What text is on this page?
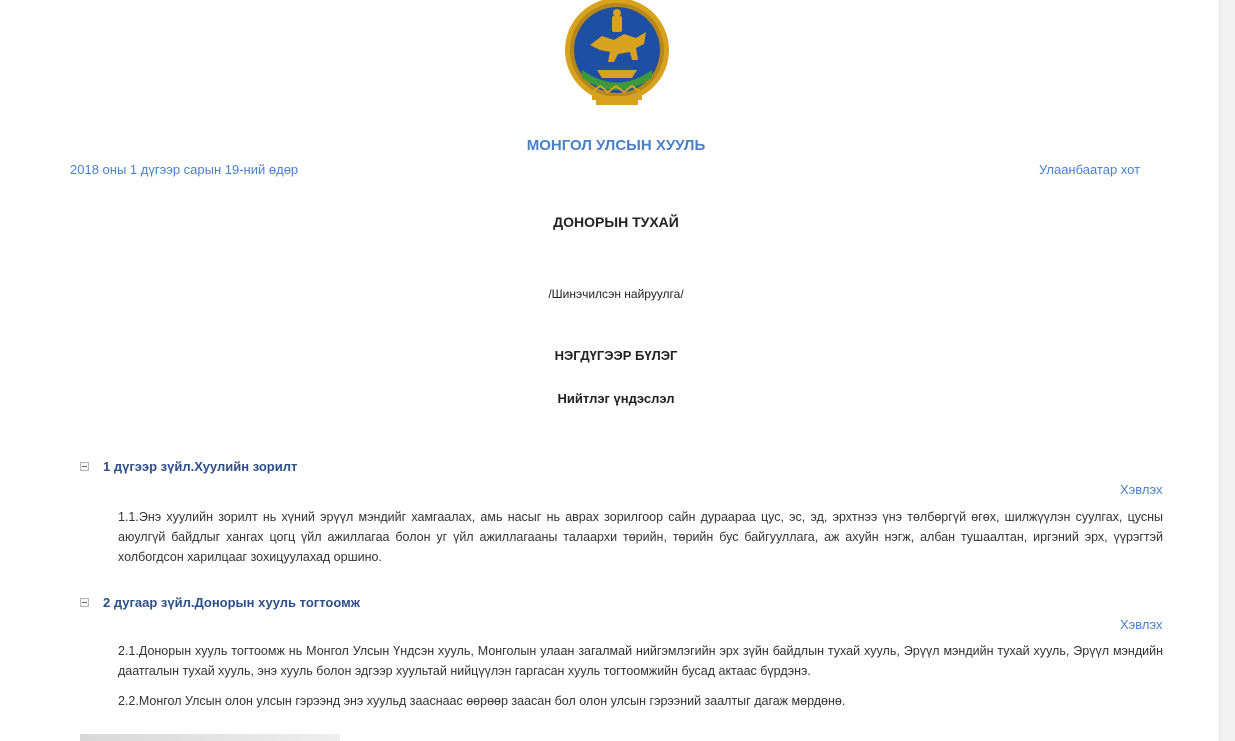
МОНГОЛ УЛСЫН ХУУЛЬ
2018 оны 1 дүгээр сарын 19-ний өдөр	Улаанбаатар хот
ДОНОРЫН ТУХАЙ
/Шинэчилсэн найруулга/
НЭГДҮГЭЭР БҮЛЭГ
Нийтлэг үндэслэл
1 дүгээр зүйл.Хуулийн зорилт
Хэвлэх
1.1.Энэ хуулийн зорилт нь хүний эрүүл мэндийг хамгаалах, амь насыг нь аврах зорилгоор сайн дураараа цус, эс, эд, эрхтнээ үнэ төлбөргүй өгөх, шилжүүлэн суулгах, цусны аюулгүй байдлыг хангах цогц үйл ажиллагаа болон уг үйл ажиллагааны талаархи төрийн, төрийн бус байгууллага, аж ахуйн нэгж, албан тушаалтан, иргэний эрх, үүрэгтэй холбогдсон харилцааг зохицуулахад оршино.
2 дугаар зүйл.Донорын хууль тогтоомж
Хэвлэх
2.1.Донорын хууль тогтоомж нь Монгол Улсын Үндсэн хууль, Монголын улаан загалмай нийгэмлэгийн эрх зүйн байдлын тухай хууль, Эрүүл мэндийн тухай хууль, Эрүүл мэндийн даатгалын тухай хууль, энэ хууль болон эдгээр хуультай нийцүүлэн гаргасан хууль тогтоомжийн бусад актаас бүрдэнэ.
2.2.Монгол Улсын олон улсын гэрээнд энэ хуульд зааснаас өөрөөр заасан бол олон улсын гэрээний заалтыг дагаж мөрдөнө.
